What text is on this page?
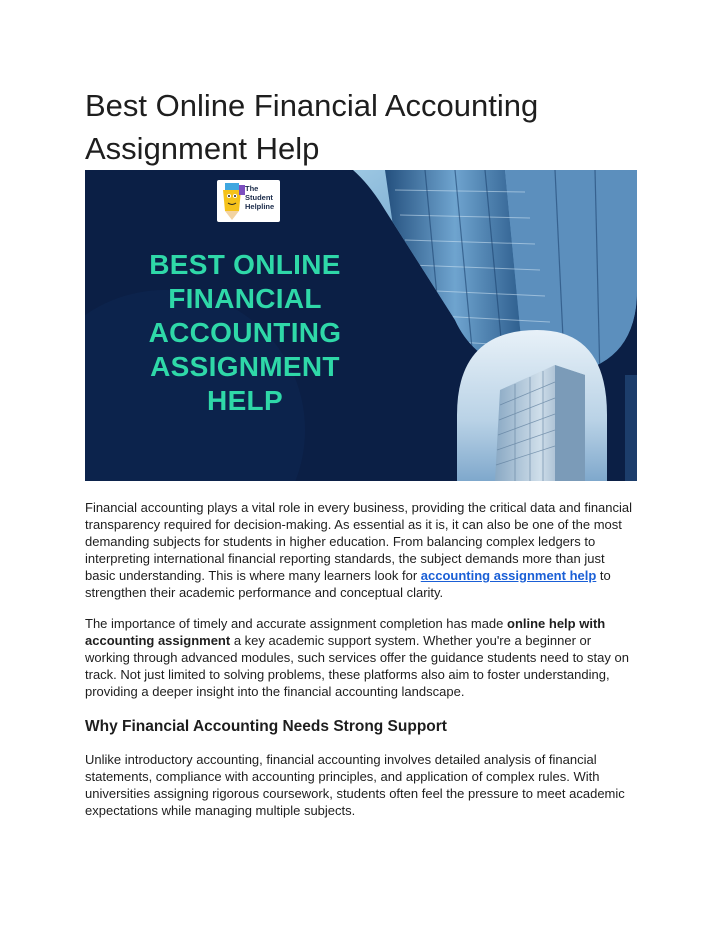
Best Online Financial Accounting
Assignment Help
The
Student
Helpline
BEST ONLINE
FINANCIAL
ACCOUNTING
ASSIGNMENT
HELP

Financial accounting plays a vital role in every business, providing the critical data and financial transparency required for decision-making. As essential as it is, it can also be one of the most demanding subjects for students in higher education. From balancing complex ledgers to interpreting international financial reporting standards, the subject demands more than just basic understanding. This is where many learners look for accounting assignment help to strengthen their academic performance and conceptual clarity.

The importance of timely and accurate assignment completion has made online help with accounting assignment a key academic support system. Whether you're a beginner or working through advanced modules, such services offer the guidance students need to stay on track. Not just limited to solving problems, these platforms also aim to foster understanding, providing a deeper insight into the financial accounting landscape.

Why Financial Accounting Needs Strong Support

Unlike introductory accounting, financial accounting involves detailed analysis of financial statements, compliance with accounting principles, and application of complex rules. With universities assigning rigorous coursework, students often feel the pressure to meet academic expectations while managing multiple subjects.
